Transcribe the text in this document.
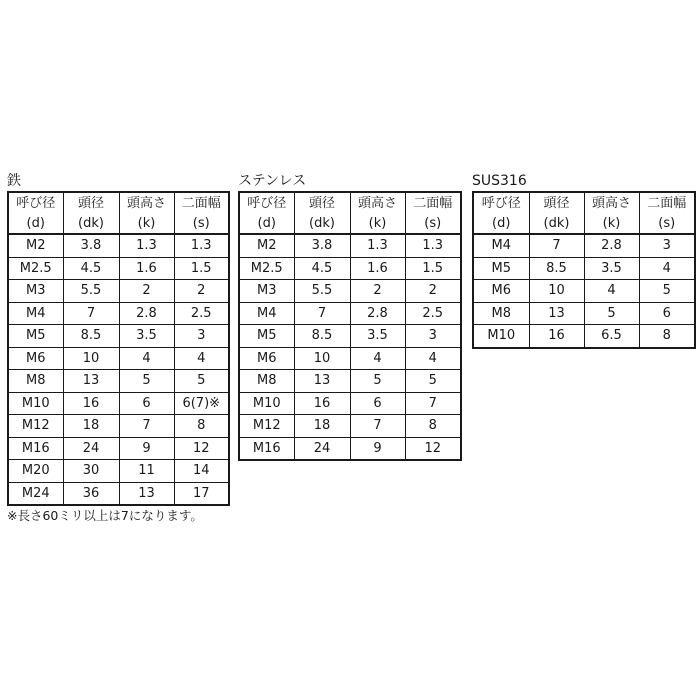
鉄
呼び径	頭径	頭高さ	二面幅
(d)	(dk)	(k)	(s)
M2	3.8	1.3	1.3
M2.5	4.5	1.6	1.5
M3	5.5	2	2
M4	7	2.8	2.5
M5	8.5	3.5	3
M6	10	4	4
M8	13	5	5
M10	16	6	6(7)※
M12	18	7	8
M16	24	9	12
M20	30	11	14
M24	36	13	17
※長さ60ミリ以上は7になります。
ステンレス
呼び径	頭径	頭高さ	二面幅
(d)	(dk)	(k)	(s)
M2	3.8	1.3	1.3
M2.5	4.5	1.6	1.5
M3	5.5	2	2
M4	7	2.8	2.5
M5	8.5	3.5	3
M6	10	4	4
M8	13	5	5
M10	16	6	7
M12	18	7	8
M16	24	9	12
SUS316
呼び径	頭径	頭高さ	二面幅
(d)	(dk)	(k)	(s)
M4	7	2.8	3
M5	8.5	3.5	4
M6	10	4	5
M8	13	5	6
M10	16	6.5	8
